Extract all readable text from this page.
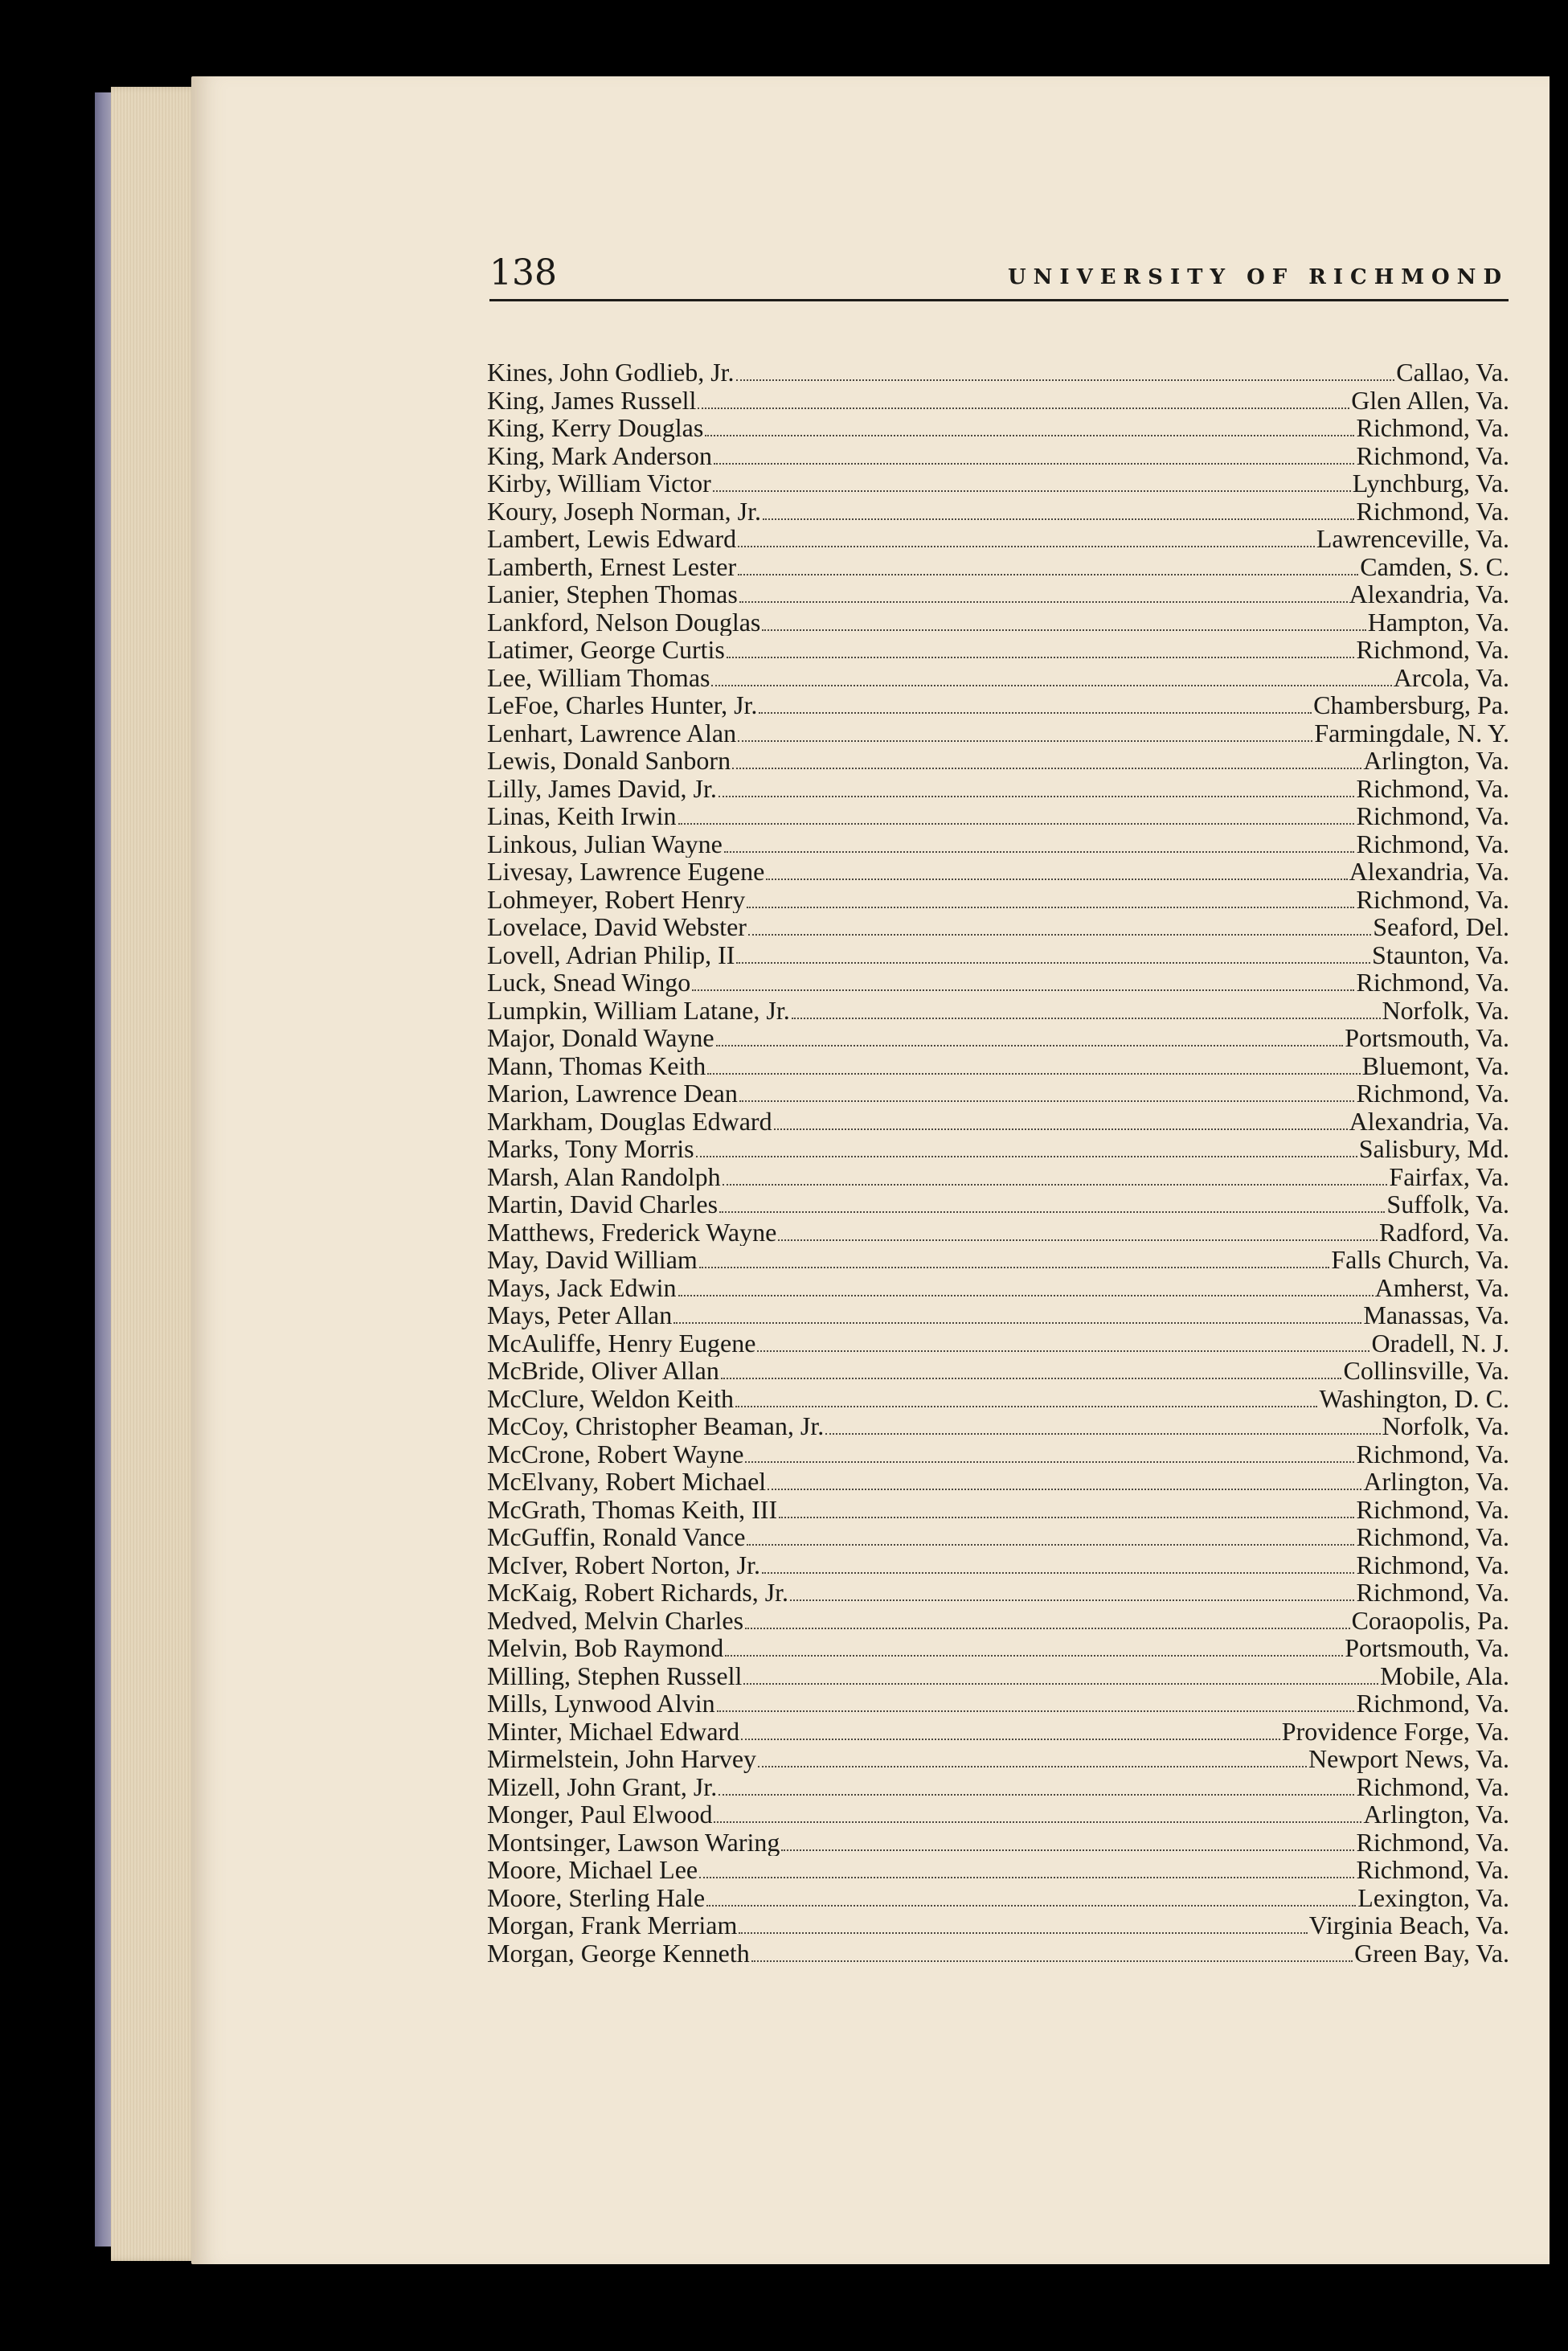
138	UNIVERSITY OF RICHMOND
Kines, John Godlieb, Jr.	Callao, Va.
King, James Russell	Glen Allen, Va.
King, Kerry Douglas	Richmond, Va.
King, Mark Anderson	Richmond, Va.
Kirby, William Victor	Lynchburg, Va.
Koury, Joseph Norman, Jr.	Richmond, Va.
Lambert, Lewis Edward	Lawrenceville, Va.
Lamberth, Ernest Lester	Camden, S. C.
Lanier, Stephen Thomas	Alexandria, Va.
Lankford, Nelson Douglas	Hampton, Va.
Latimer, George Curtis	Richmond, Va.
Lee, William Thomas	Arcola, Va.
LeFoe, Charles Hunter, Jr.	Chambersburg, Pa.
Lenhart, Lawrence Alan	Farmingdale, N. Y.
Lewis, Donald Sanborn	Arlington, Va.
Lilly, James David, Jr.	Richmond, Va.
Linas, Keith Irwin	Richmond, Va.
Linkous, Julian Wayne	Richmond, Va.
Livesay, Lawrence Eugene	Alexandria, Va.
Lohmeyer, Robert Henry	Richmond, Va.
Lovelace, David Webster	Seaford, Del.
Lovell, Adrian Philip, II	Staunton, Va.
Luck, Snead Wingo	Richmond, Va.
Lumpkin, William Latane, Jr.	Norfolk, Va.
Major, Donald Wayne	Portsmouth, Va.
Mann, Thomas Keith	Bluemont, Va.
Marion, Lawrence Dean	Richmond, Va.
Markham, Douglas Edward	Alexandria, Va.
Marks, Tony Morris	Salisbury, Md.
Marsh, Alan Randolph	Fairfax, Va.
Martin, David Charles	Suffolk, Va.
Matthews, Frederick Wayne	Radford, Va.
May, David William	Falls Church, Va.
Mays, Jack Edwin	Amherst, Va.
Mays, Peter Allan	Manassas, Va.
McAuliffe, Henry Eugene	Oradell, N. J.
McBride, Oliver Allan	Collinsville, Va.
McClure, Weldon Keith	Washington, D. C.
McCoy, Christopher Beaman, Jr.	Norfolk, Va.
McCrone, Robert Wayne	Richmond, Va.
McElvany, Robert Michael	Arlington, Va.
McGrath, Thomas Keith, III	Richmond, Va.
McGuffin, Ronald Vance	Richmond, Va.
McIver, Robert Norton, Jr.	Richmond, Va.
McKaig, Robert Richards, Jr.	Richmond, Va.
Medved, Melvin Charles	Coraopolis, Pa.
Melvin, Bob Raymond	Portsmouth, Va.
Milling, Stephen Russell	Mobile, Ala.
Mills, Lynwood Alvin	Richmond, Va.
Minter, Michael Edward	Providence Forge, Va.
Mirmelstein, John Harvey	Newport News, Va.
Mizell, John Grant, Jr.	Richmond, Va.
Monger, Paul Elwood	Arlington, Va.
Montsinger, Lawson Waring	Richmond, Va.
Moore, Michael Lee	Richmond, Va.
Moore, Sterling Hale	Lexington, Va.
Morgan, Frank Merriam	Virginia Beach, Va.
Morgan, George Kenneth	Green Bay, Va.
